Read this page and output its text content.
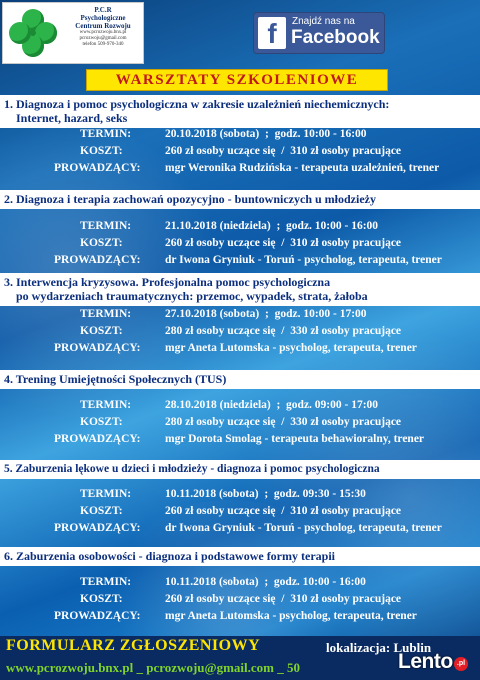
P.C.R
Psychologiczne
Centrum Rozwoju
www.pcrozwoju.bnx.pl
pcrozwoju@gmail.com
telefon 509-970-340	f	Znajdź nas na
Facebook
WARSZTATY SZKOLENIOWE
1. Diagnoza i pomoc psychologiczna w zakresie uzależnień niechemicznych:
Internet, hazard, seks
TERMIN:	20.10.2018 (sobota)  ;  godz. 10:00 - 16:00
KOSZT:	260 zł osoby uczące się  /  310 zł osoby pracujące
PROWADZĄCY: mgr Weronika Rudzińska - terapeuta uzależnień, trener
2. Diagnoza i terapia zachowań opozycyjno - buntowniczych u młodzieży
TERMIN:	21.10.2018 (niedziela)  ;  godz. 10:00 - 16:00
KOSZT:	260 zł osoby uczące się  /  310 zł osoby pracujące
PROWADZĄCY: dr Iwona Gryniuk - Toruń - psycholog, terapeuta, trener
3. Interwencja kryzysowa. Profesjonalna pomoc psychologiczna
po wydarzeniach traumatycznych: przemoc, wypadek, strata, żałoba
TERMIN:	27.10.2018 (sobota)  ;  godz. 10:00 - 17:00
KOSZT:	280 zł osoby uczące się  /  330 zł osoby pracujące
PROWADZĄCY: mgr Aneta Lutomska - psycholog, terapeuta, trener
4. Trening Umiejętności Społecznych (TUS)
TERMIN:	28.10.2018 (niedziela)  ;  godz. 09:00 - 17:00
KOSZT:	280 zł osoby uczące się  /  330 zł osoby pracujące
PROWADZĄCY: mgr Dorota Smolag - terapeuta behawioralny, trener
5. Zaburzenia lękowe u dzieci i młodzieży - diagnoza i pomoc psychologiczna
TERMIN:	10.11.2018 (sobota)  ;  godz. 09:30 - 15:30
KOSZT:	260 zł osoby uczące się  /  310 zł osoby pracujące
PROWADZĄCY: dr Iwona Gryniuk - Toruń - psycholog, terapeuta, trener
6. Zaburzenia osobowości - diagnoza i podstawowe formy terapii
TERMIN:	10.11.2018 (sobota)  ;  godz. 10:00 - 16:00
KOSZT:	260 zł osoby uczące się  /  310 zł osoby pracujące
PROWADZĄCY: mgr Aneta Lutomska - psycholog, terapeuta, trener
FORMULARZ ZGŁOSZENIOWY	lokalizacja: Lublin
www.pcrozwoju.bnx.pl _ pcrozwoju@gmail.com _ 50	Lento .pl
